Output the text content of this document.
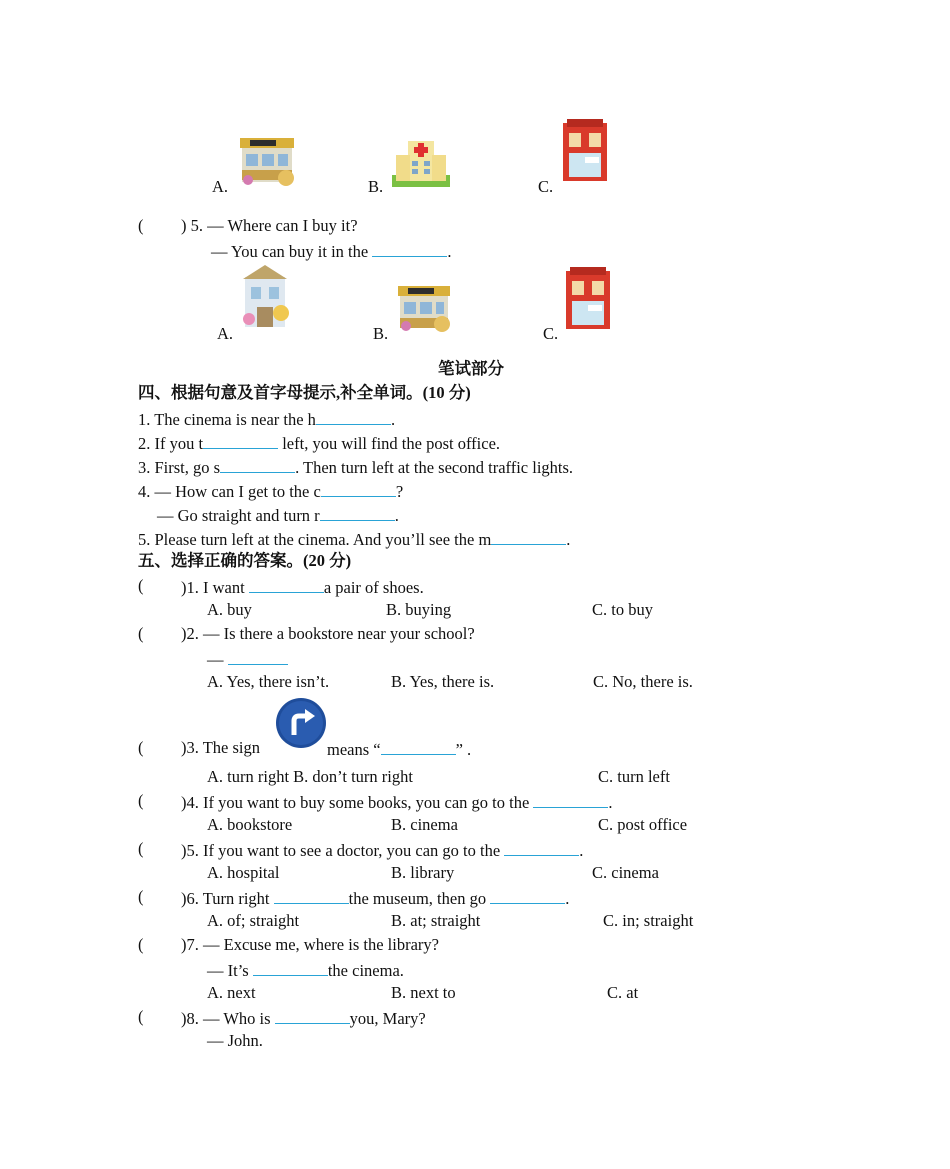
A.	B.	C.
( ) 5. — Where can I buy it?
— You can buy it in the	.
A.	B.	C.
笔试部分
四、根据句意及首字母提示,补全单词。(10 分)
1. The cinema is near the h	.
2. If you t	left, you will find the post office.
3. First, go s	. Then turn left at the second traffic lights.
4. — How can I get to the c	?
— Go straight and turn r	.
5. Please turn left at the cinema. And you’ll see the m	.
五、选择正确的答案。(20 分)
( )1. I want	a pair of shoes.
A. buy	B. buying	C. to buy
( )2. — Is there a bookstore near your school?
—
A. Yes, there isn’t.	B. Yes, there is.	C. No, there is.
( )3. The sign	means “	” .
A. turn right B. don’t turn right	C. turn left
( )4. If you want to buy some books, you can go to the	.
A. bookstore	B. cinema	C. post office
( )5. If you want to see a doctor, you can go to the	.
A. hospital	B. library	C. cinema
( )6. Turn right	the museum, then go	.
A. of; straight	B. at; straight	C. in; straight
( )7. — Excuse me, where is the library?
— It’s	the cinema.
A. next	B. next to	C. at
( )8. — Who is	you, Mary?
— John.
